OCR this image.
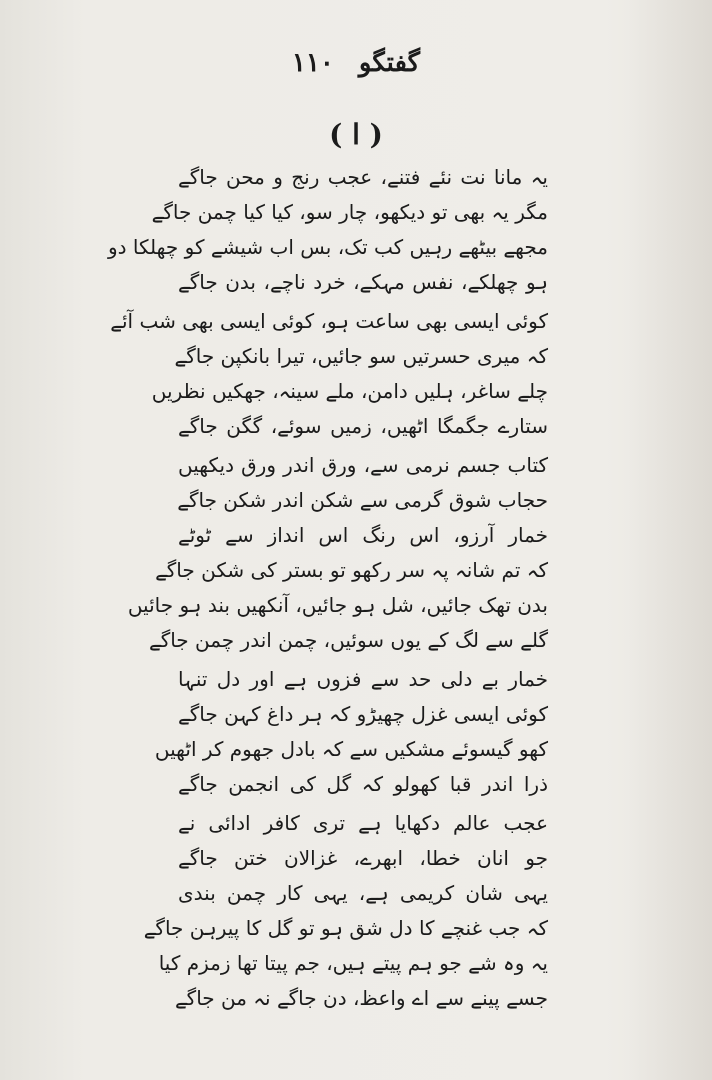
گفتگو ۱۱۰
( ا )
یہ مانا نت نئے فتنے، عجب رنج و محن جاگے
مگر یہ بھی تو دیکھو، چار سو، کیا کیا چمن جاگے
مجھے بیٹھے رہیں کب تک، بس اب شیشے کو چھلکا دو
ہو چھلکے، نفس مہکے، خرد ناچے، بدن جاگے
کوئی ایسی بھی ساعت ہو، کوئی ایسی بھی شب آئے
کہ میری حسرتیں سو جائیں، تیرا بانکپن جاگے
چلے ساغر، ہلیں دامن، ملے سینہ، جھکیں نظریں
ستارے جگمگا اٹھیں، زمیں سوئے، گگن جاگے
کتاب جسم نرمی سے، ورق اندر ورق دیکھیں
حجاب شوق گرمی سے شکن اندر شکن جاگے
خمار آرزو، اس رنگ اس انداز سے ٹوٹے
کہ تم شانہ پہ سر رکھو تو بستر کی شکن جاگے
بدن تھک جائیں، شل ہو جائیں، آنکھیں بند ہو جائیں
گلے سے لگ کے یوں سوئیں، چمن اندر چمن جاگے
خمار بے دلی حد سے فزوں ہے اور دل تنہا
کوئی ایسی غزل چھیڑو کہ ہر داغ کہن جاگے
کھو گیسوئے مشکیں سے کہ بادل جھوم کر اٹھیں
ذرا اندر قبا کھولو کہ گل کی انجمن جاگے
عجب عالم دکھایا ہے تری کافر ادائی نے
جو انان خطا، ابھرے، غزالان ختن جاگے
یہی شان کریمی ہے، یہی کار چمن بندی
کہ جب غنچے کا دل شق ہو تو گل کا پیرہن جاگے
یہ وہ شے جو ہم پیتے ہیں، جم پیتا تھا زمزم کیا
جسے پینے سے اے واعظ، دن جاگے نہ من جاگے
